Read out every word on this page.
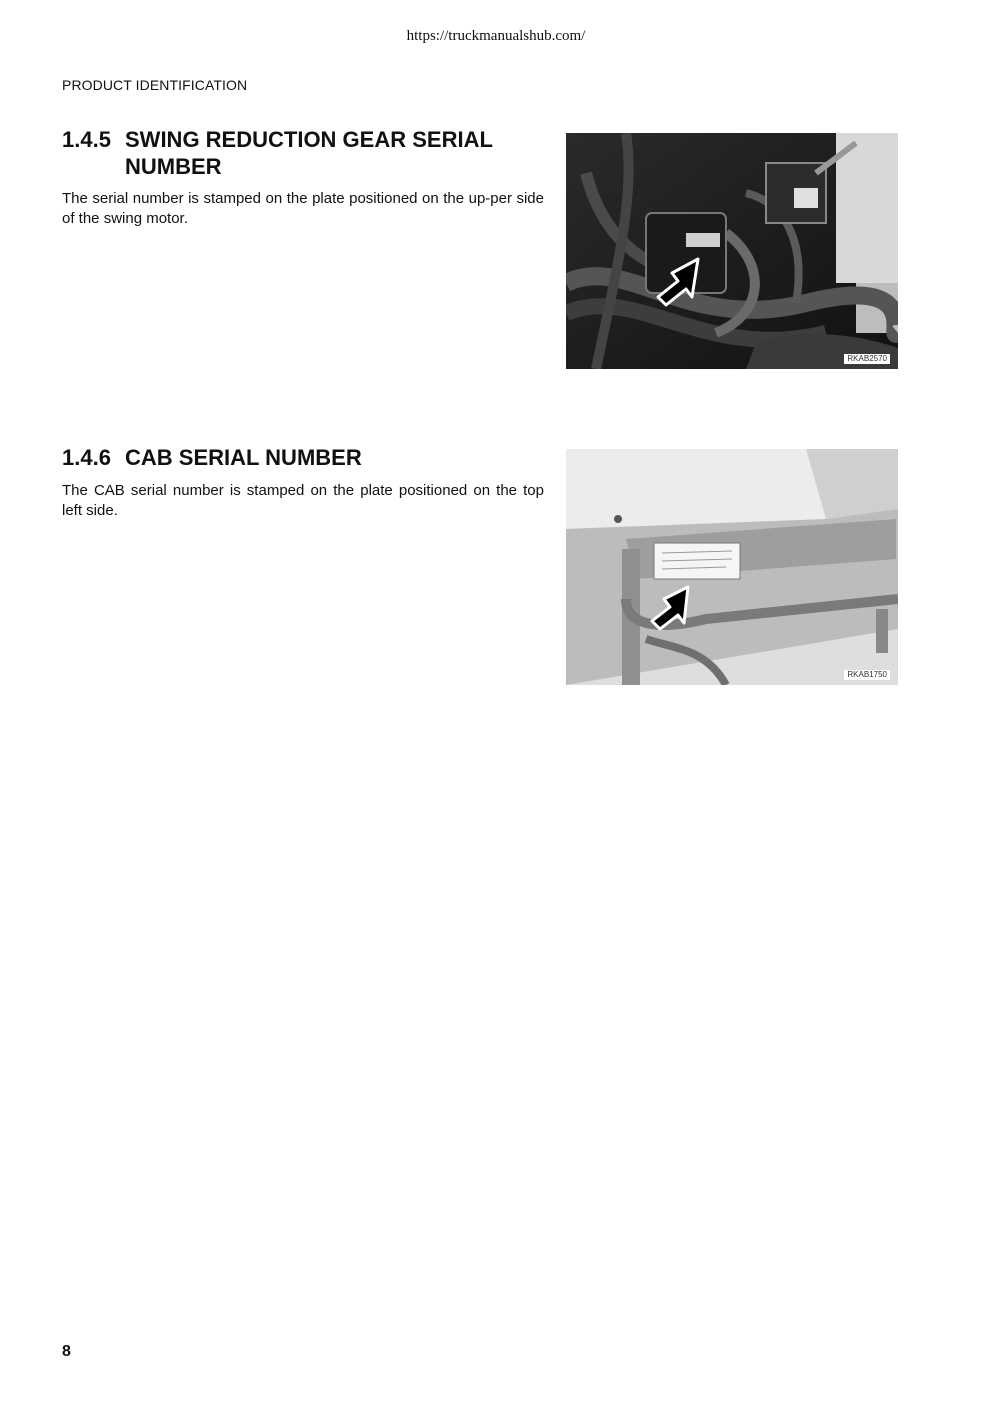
https://truckmanualshub.com/
PRODUCT IDENTIFICATION
1.4.5 SWING REDUCTION GEAR SERIAL NUMBER

The serial number is stamped on the plate positioned on the up-per side of the swing motor.

RKAB2570
1.4.6 CAB SERIAL NUMBER

The CAB serial number is stamped on the plate positioned on the top left side.

RKAB1750
8
